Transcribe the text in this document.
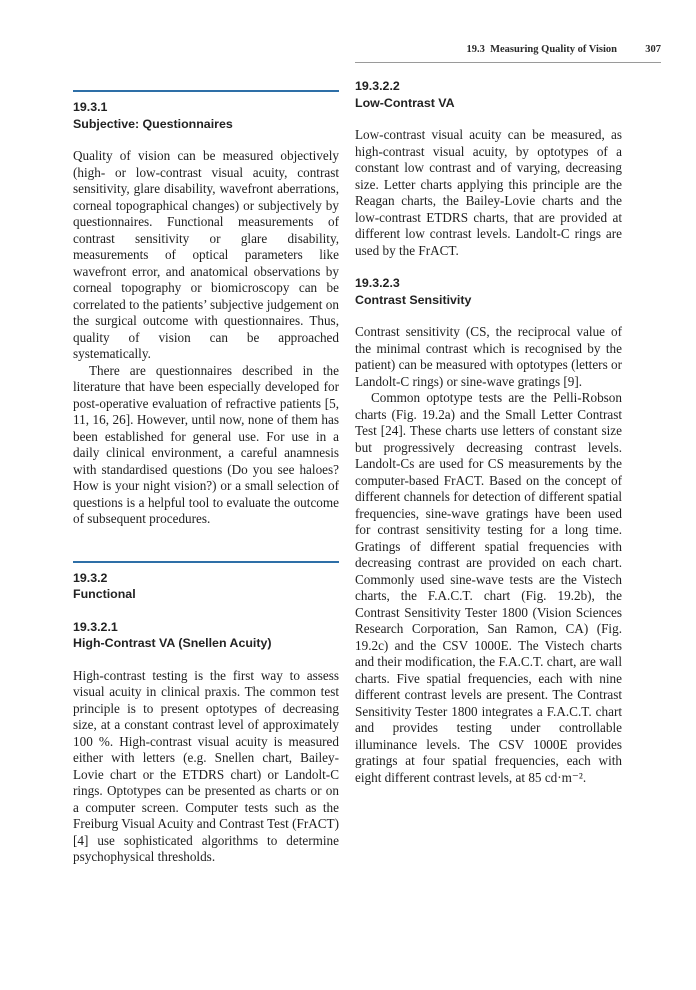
19.3 Measuring Quality of Vision	307
19.3.1
Subjective: Questionnaires

Quality of vision can be measured objectively (high- or low-contrast visual acuity, contrast sensitivity, glare disability, wavefront aberrations, corneal topographical changes) or subjectively by questionnaires. Functional measurements of contrast sensitivity or glare disability, measurements of optical parameters like wavefront error, and anatomical observations by corneal topography or biomicroscopy can be correlated to the patients’ subjective judgement on the surgical outcome with questionnaires. Thus, quality of vision can be approached systematically.

There are questionnaires described in the literature that have been especially developed for post-operative evaluation of refractive patients [5, 11, 16, 26]. However, until now, none of them has been established for general use. For use in a daily clinical environment, a careful anamnesis with standardised questions (Do you see haloes? How is your night vision?) or a small selection of questions is a helpful tool to evaluate the outcome of subsequent procedures.

19.3.2
Functional
19.3.2.1
High-Contrast VA (Snellen Acuity)

High-contrast testing is the first way to assess visual acuity in clinical praxis. The common test principle is to present optotypes of decreasing size, at a constant contrast level of approximately 100 %. High-contrast visual acuity is measured either with letters (e.g. Snellen chart, Bailey-Lovie chart or the ETDRS chart) or Landolt-C rings. Optotypes can be presented as charts or on a computer screen. Computer tests such as the Freiburg Visual Acuity and Contrast Test (FrACT) [4] use sophisticated algorithms to determine psychophysical thresholds.

19.3.2.2
Low-Contrast VA

Low-contrast visual acuity can be measured, as high-contrast visual acuity, by optotypes of a constant low contrast and of varying, decreasing size. Letter charts applying this principle are the Reagan charts, the Bailey-Lovie charts and the low-contrast ETDRS charts, that are provided at different low contrast levels. Landolt-C rings are used by the FrACT.

19.3.2.3
Contrast Sensitivity

Contrast sensitivity (CS, the reciprocal value of the minimal contrast which is recognised by the patient) can be measured with optotypes (letters or Landolt-C rings) or sine-wave gratings [9].

Common optotype tests are the Pelli-Robson charts (Fig. 19.2a) and the Small Letter Contrast Test [24]. These charts use letters of constant size but progressively decreasing contrast levels. Landolt-Cs are used for CS measurements by the computer-based FrACT. Based on the concept of different channels for detection of different spatial frequencies, sine-wave gratings have been used for contrast sensitivity testing for a long time. Gratings of different spatial frequencies with decreasing contrast are provided on each chart. Commonly used sine-wave tests are the Vistech charts, the F.A.C.T. chart (Fig. 19.2b), the Contrast Sensitivity Tester 1800 (Vision Sciences Research Corporation, San Ramon, CA) (Fig. 19.2c) and the CSV 1000E. The Vistech charts and their modification, the F.A.C.T. chart, are wall charts. Five spatial frequencies, each with nine different contrast levels are present. The Contrast Sensitivity Tester 1800 integrates a F.A.C.T. chart and provides testing under controllable illuminance levels. The CSV 1000E provides gratings at four spatial frequencies, each with eight different contrast levels, at 85 cd·m⁻².
